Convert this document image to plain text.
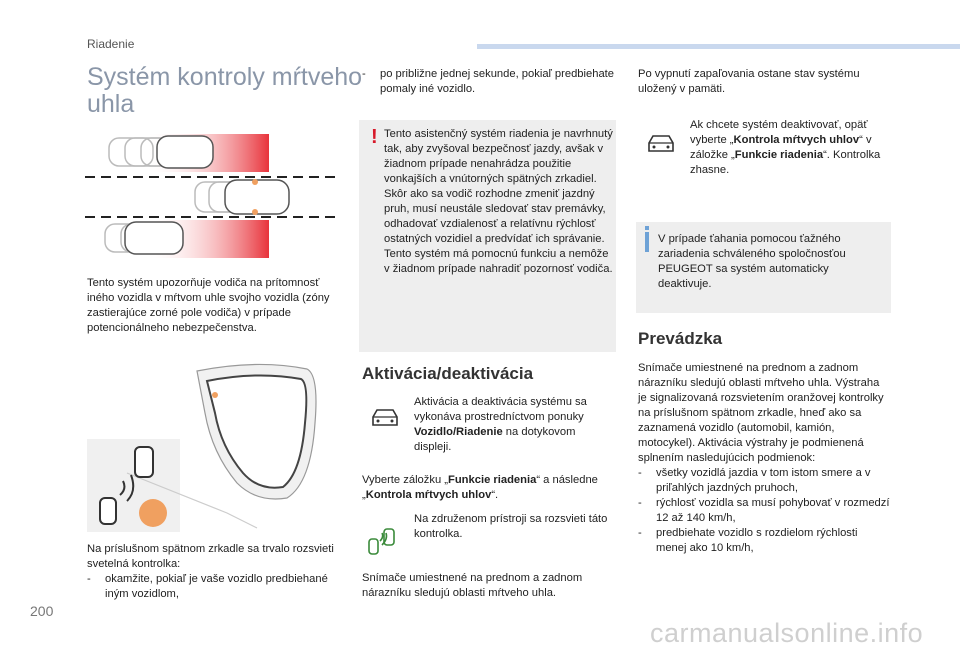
Riadenie
Systém kontroly mŕtveho
uhla
Tento systém upozorňuje vodiča na prítomnosť iného vozidla v mŕtvom uhle svojho vozidla (zóny zastierajúce zorné pole vodiča) v prípade potencionálneho nebezpečenstva.

Na príslušnom spätnom zrkadle sa trvalo rozsvieti svetelná kontrolka:

-	okamžite, pokiaľ je vaše vozidlo predbiehané iným vozidlom,
-	po približne jednej sekunde, pokiaľ predbiehate pomaly iné vozidlo.
! Tento asistenčný systém riadenia je navrhnutý tak, aby zvyšoval bezpečnosť jazdy, avšak v žiadnom prípade nenahrádza použitie vonkajších a vnútorných spätných zrkadiel. Skôr ako sa vodič rozhodne zmeniť jazdný pruh, musí neustále sledovať stav premávky, odhadovať vzdialenosť a relatívnu rýchlosť ostatných vozidiel a predvídať ich správanie.

Tento systém má pomocnú funkciu a nemôže v žiadnom prípade nahradiť pozornosť vodiča.

Aktivácia/deaktivácia
Aktivácia a deaktivácia systému sa vykonáva prostredníctvom ponuky Vozidlo/Riadenie na dotykovom displeji.
Vyberte záložku „Funkcie riadenia“ a následne „Kontrola mŕtvych uhlov“.
Na združenom prístroji sa rozsvieti táto kontrolka.
Snímače umiestnené na prednom a zadnom nárazníku sledujú oblasti mŕtveho uhla.
Po vypnutí zapaľovania ostane stav systému uložený v pamäti.
Ak chcete systém deaktivovať, opäť vyberte „Kontrola mŕtvych uhlov“ v záložke „Funkcie riadenia“. Kontrolka zhasne.
V prípade ťahania pomocou ťažného zariadenia schváleného spoločnosťou PEUGEOT sa systém automaticky deaktivuje.
Prevádzka

Snímače umiestnené na prednom a zadnom nárazníku sledujú oblasti mŕtveho uhla. Výstraha je signalizovaná rozsvietením oranžovej kontrolky na príslušnom spätnom zrkadle, hneď ako sa zaznamená vozidlo (automobil, kamión, motocykel). Aktivácia výstrahy je podmienená splnením nasledujúcich podmienok:

-	všetky vozidlá jazdia v tom istom smere a v priľahlých jazdných pruhoch,
-	rýchlosť vozidla sa musí pohybovať v rozmedzí 12 až 140 km/h,
-	predbiehate vozidlo s rozdielom rýchlosti menej ako 10 km/h,
200
carmanualsonline.info
